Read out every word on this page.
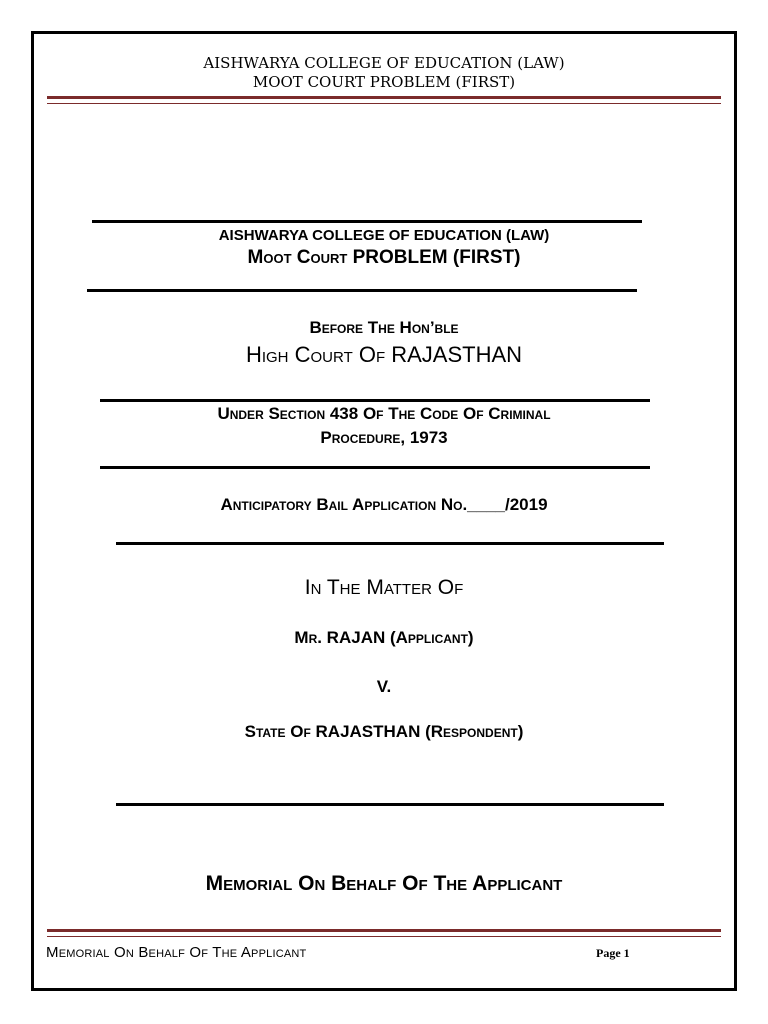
AISHWARYA COLLEGE OF EDUCATION (LAW)
MOOT COURT PROBLEM (FIRST)
AISHWARYA COLLEGE OF EDUCATION (LAW)
Moot Court PROBLEM (FIRST)
Before The Hon’ble
High Court Of RAJASTHAN
Under Section 438 Of The Code Of Criminal
Procedure, 1973
Anticipatory Bail Application No.____/2019
In The Matter Of
Mr. RAJAN (Applicant)
V.
State Of RAJASTHAN (Respondent)
Memorial On Behalf Of The Applicant
Memorial On Behalf Of The Applicant	Page 1
